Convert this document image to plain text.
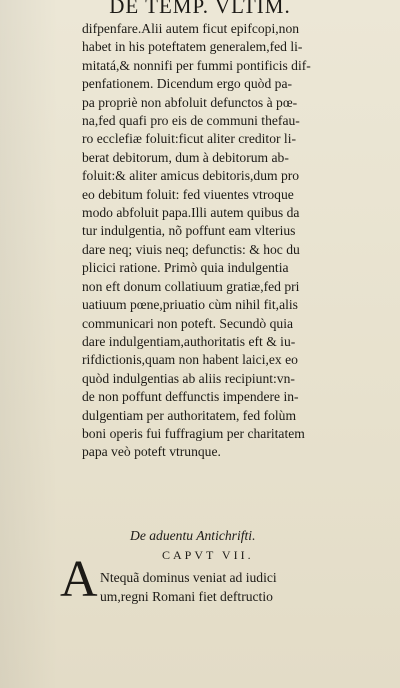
DE TEMP. VLTIM.
difpenfare.Alii autem ficut epifcopi,non
habet in his poteftatem generalem,fed li-
mitatá,& nonnifi per fummi pontificis dif-
penfationem. Dicendum ergo quòd pa-
pa propriè non abfoluit defunctos à pœ-
na,fed quafi pro eis de communi thefau-
ro ecclefiæ foluit:ficut aliter creditor li-
berat debitorum, dum à debitorum ab-
foluit:& aliter amicus debitoris,dum pro
eo debitum foluit: fed viuentes vtroque
modo abfoluit papa.Illi autem quibus da
tur indulgentia, nõ poffunt eam vlterius
dare neq; viuis neq; defunctis: & hoc du
plicici ratione. Primò quia indulgentia
non eft donum collatiuum gratiæ,fed pri
uatiuum pœne,priuatio cùm nihil fit,alis
communicari non poteft. Secundò quia
dare indulgentiam,authoritatis eft & iu-
rifdictionis,quam non habent laici,ex eo
quòd indulgentias ab aliis recipiunt:vn-
de non poffunt deffunctis impendere in-
dulgentiam per authoritatem, fed folùm
boni operis fui fuffragium per charitatem
papa veò poteft vtrunque.
De aduentu Antichrifti.
CAPVT VII.
A Ntequã dominus veniat ad iudici
um,regni Romani fiet deftructio
